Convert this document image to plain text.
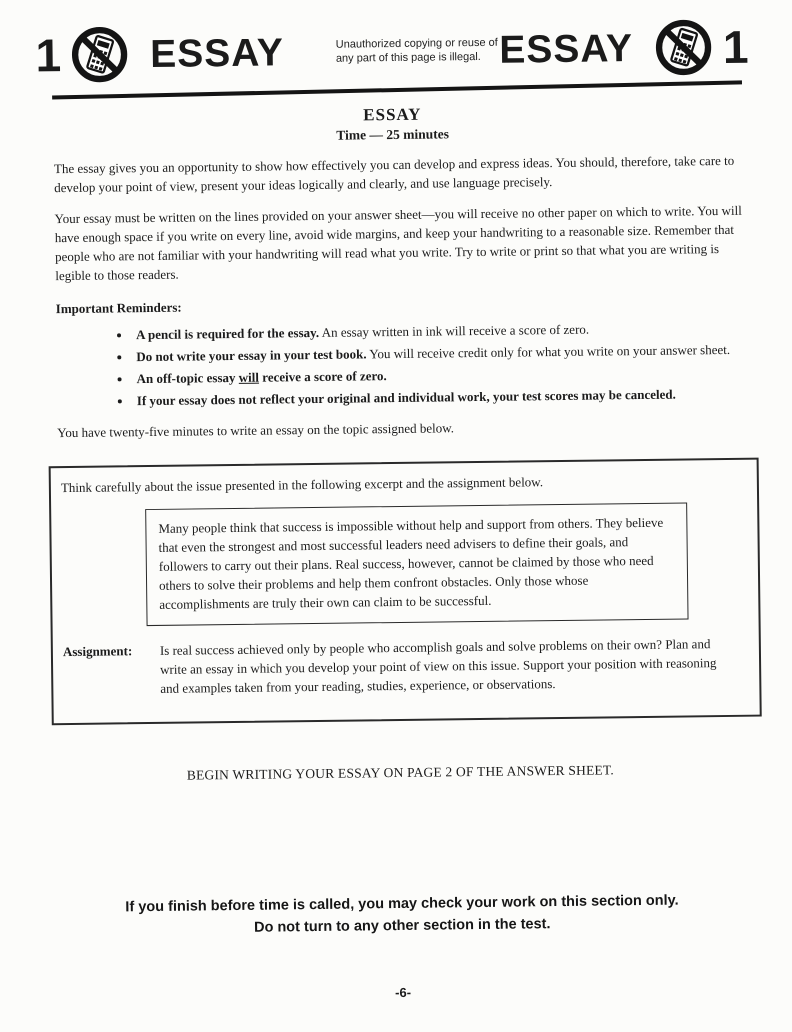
1 ESSAY	Unauthorized copying or reuse of any part of this page is illegal. ESSAY 1
ESSAY
Time — 25 minutes

The essay gives you an opportunity to show how effectively you can develop and express ideas. You should, therefore, take care to develop your point of view, present your ideas logically and clearly, and use language precisely.

Your essay must be written on the lines provided on your answer sheet—you will receive no other paper on which to write. You will have enough space if you write on every line, avoid wide margins, and keep your handwriting to a reasonable size. Remember that people who are not familiar with your handwriting will read what you write. Try to write or print so that what you are writing is legible to those readers.

Important Reminders:
• A pencil is required for the essay. An essay written in ink will receive a score of zero.
• Do not write your essay in your test book. You will receive credit only for what you write on your answer sheet.
• An off-topic essay will receive a score of zero.
• If your essay does not reflect your original and individual work, your test scores may be canceled.

You have twenty-five minutes to write an essay on the topic assigned below.

Think carefully about the issue presented in the following excerpt and the assignment below.
Many people think that success is impossible without help and support from others. They believe that even the strongest and most successful leaders need advisers to define their goals, and followers to carry out their plans. Real success, however, cannot be claimed by those who need others to solve their problems and help them confront obstacles. Only those whose accomplishments are truly their own can claim to be successful.
Assignment:	Is real success achieved only by people who accomplish goals and solve problems on their own? Plan and write an essay in which you develop your point of view on this issue. Support your position with reasoning and examples taken from your reading, studies, experience, or observations.
BEGIN WRITING YOUR ESSAY ON PAGE 2 OF THE ANSWER SHEET.
If you finish before time is called, you may check your work on this section only.
Do not turn to any other section in the test.
-6-
